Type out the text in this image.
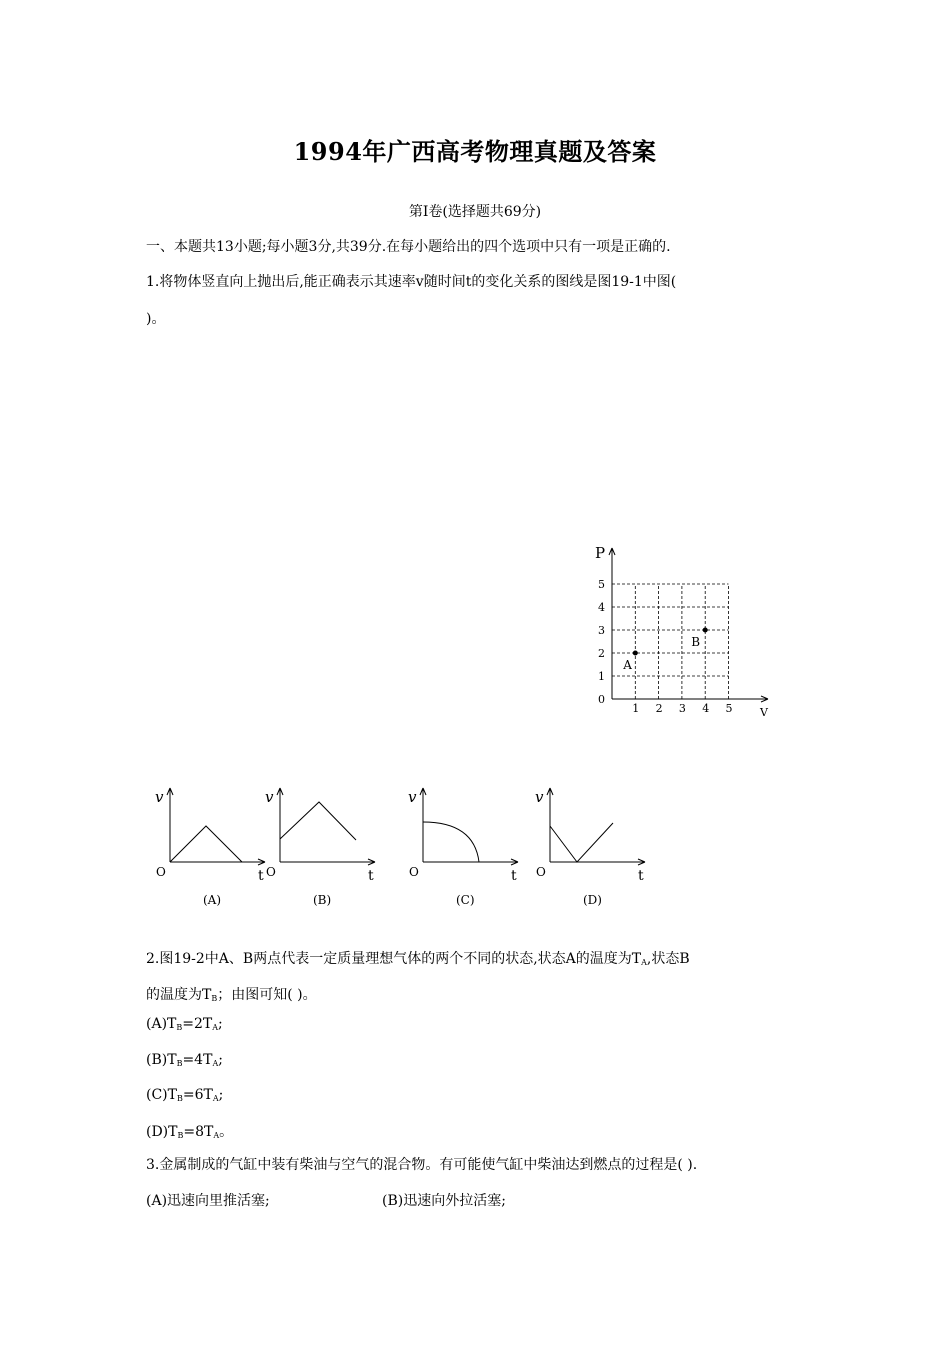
1994年广西高考物理真题及答案
第Ⅰ卷(选择题共69分)
一、本题共13小题;每小题3分,共39分.在每小题给出的四个选项中只有一项是正确的.
1.将物体竖直向上抛出后,能正确表示其速率v随时间t的变化关系的图线是图19-1中图(
)。
P
V
1 2 3 4 5
0
1
2
3
4
5
A
B
v
t
O
(A)
v
t
O
(B)
v
t
O
(C)
v
t
O
(D)
2.图19-2中A、B两点代表一定质量理想气体的两个不同的状态,状态A的温度为$T_A$,状态B
的温度为$T_B$；由图可知( )。
$(A)T_B=2T_A$;
$(B)T_B=4T_A$;
$(C)T_B=6T_A$;
$(D)T_B=8T_A$。
3.金属制成的气缸中装有柴油与空气的混合物。有可能使气缸中柴油达到燃点的过程是( ).
(A)迅速向里推活塞;	(B)迅速向外拉活塞;
